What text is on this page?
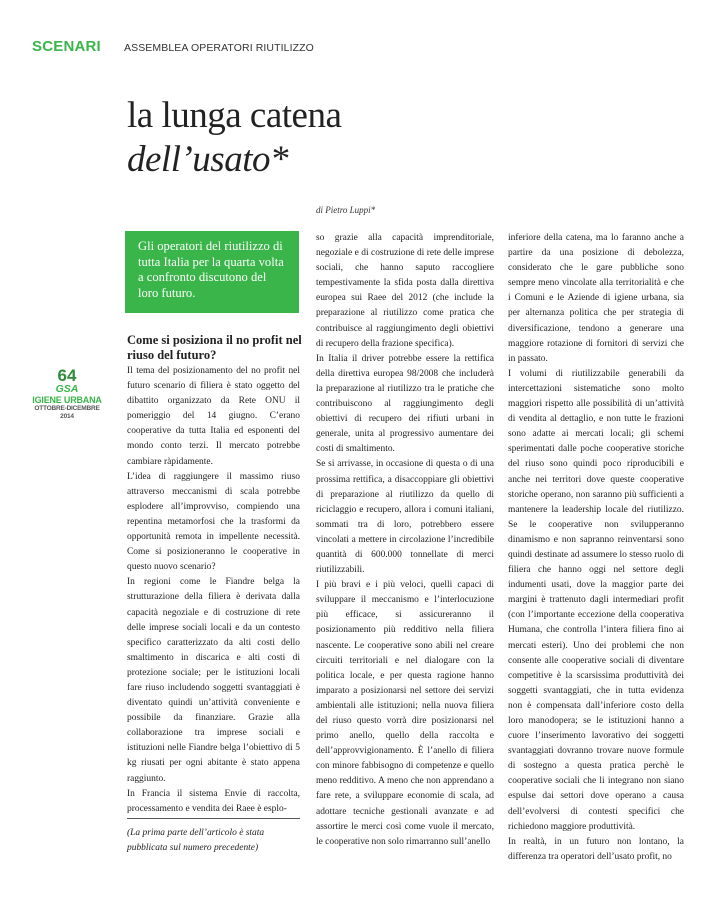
SCENARI ASSEMBLEA OPERATORI RIUTILIZZO
la lunga catena
dell’usato*
di Pietro Luppi*
Gli operatori del riutilizzo di tutta Italia per la quarta volta a confronto discutono del loro futuro.
64
GSA
IGIENE URBANA
OTTOBRE-DICEMBRE 2014
Come si posiziona il no profit nel riuso del futuro?

Il tema del posizionamento del no profit nel futuro scenario di filiera è stato oggetto del dibattito organizzato da Rete ONU il pomeriggio del 14 giugno. C’erano cooperative da tutta Italia ed esponenti del mondo conto terzi. Il mercato potrebbe cambiare ràpidamente.

L’idea di raggiungere il massimo riuso attraverso meccanismi di scala potrebbe esplodere all’improvviso, compiendo una repentina metamorfosi che la trasformi da opportunità remota in impellente necessità. Come si posizioneranno le cooperative in questo nuovo scenario?

In regioni come le Fiandre belga la strutturazione della filiera è derivata dalla capacità negoziale e di costruzione di rete delle imprese sociali locali e da un contesto specifico caratterizzato da alti costi dello smaltimento in discarica e alti costi di protezione sociale; per le istituzioni locali fare riuso includendo soggetti svantaggiati è diventato quindi un’attività conveniente e possibile da finanziare. Grazie alla collaborazione tra imprese sociali e istituzioni nelle Fiandre belga l’obiettivo di 5 kg riusati per ogni abitante è stato appena raggiunto.

In Francia il sistema Envie di raccolta, processamento e vendita dei Raee è esplo-

(La prima parte dell’articolo è stata pubblicata sul numero precedente)

so grazie alla capacità imprenditoriale, negoziale e di costruzione di rete delle imprese sociali, che hanno saputo raccogliere tempestivamente la sfida posta dalla direttiva europea sui Raee del 2012 (che include la preparazione al riutilizzo come pratica che contribuisce al raggiungimento degli obiettivi di recupero della frazione specifica).

In Italia il driver potrebbe essere la rettifica della direttiva europea 98/2008 che includerà la preparazione al riutilizzo tra le pratiche che contribuiscono al raggiungimento degli obiettivi di recupero dei rifiuti urbani in generale, unita al progressivo aumentare dei costi di smaltimento.

Se si arrivasse, in occasione di questa o di una prossima rettifica, a disaccoppiare gli obiettivi di preparazione al riutilizzo da quello di riciclaggio e recupero, allora i comuni italiani, sommati tra di loro, potrebbero essere vincolati a mettere in circolazione l’incredibile quantità di 600.000 tonnellate di merci riutilizzabili.

I più bravi e i più veloci, quelli capaci di sviluppare il meccanismo e l’interlocuzione più efficace, si assicureranno il posizionamento più redditivo nella filiera nascente. Le cooperative sono abili nel creare circuiti territoriali e nel dialogare con la politica locale, e per questa ragione hanno imparato a posizionarsi nel settore dei servizi ambientali alle istituzioni; nella nuova filiera del riuso questo vorrà dire posizionarsi nel primo anello, quello della raccolta e dell’approvvigionamento. È l’anello di filiera con minore fabbisogno di competenze e quello meno redditivo. A meno che non apprendano a fare rete, a sviluppare economie di scala, ad adottare tecniche gestionali avanzate e ad assortire le merci così come vuole il mercato, le cooperative non solo rimarranno sull’anello

inferiore della catena, ma lo faranno anche a partire da una posizione di debolezza, considerato che le gare pubbliche sono sempre meno vincolate alla territorialità e che i Comuni e le Aziende di igiene urbana, sia per alternanza politica che per strategia di diversificazione, tendono a generare una maggiore rotazione di fornitori di servizi che in passato.

I volumi di riutilizzabile generabili da intercettazioni sistematiche sono molto maggiori rispetto alle possibilità di un’attività di vendita al dettaglio, e non tutte le frazioni sono adatte ai mercati locali; gli schemi sperimentati dalle poche cooperative storiche del riuso sono quindi poco riproducibili e anche nei territori dove queste cooperative storiche operano, non saranno più sufficienti a mantenere la leadership locale del riutilizzo. Se le cooperative non svilupperanno dinamismo e non sapranno reinventarsi sono quindi destinate ad assumere lo stesso ruolo di filiera che hanno oggi nel settore degli indumenti usati, dove la maggior parte dei margini è trattenuto dagli intermediari profit (con l’importante eccezione della cooperativa Humana, che controlla l’intera filiera fino ai mercati esteri). Uno dei problemi che non consente alle cooperative sociali di diventare competitive è la scarsissima produttività dei soggetti svantaggiati, che in tutta evidenza non è compensata dall’inferiore costo della loro manodopera; se le istituzioni hanno a cuore l’inserimento lavorativo dei soggetti svantaggiati dovranno trovare nuove formule di sostegno a questa pratica perchè le cooperative sociali che li integrano non siano espulse dai settori dove operano a causa dell’evolversi di contesti specifici che richiedono maggiore produttività.

In realtà, in un futuro non lontano, la differenza tra operatori dell’usato profit, no
